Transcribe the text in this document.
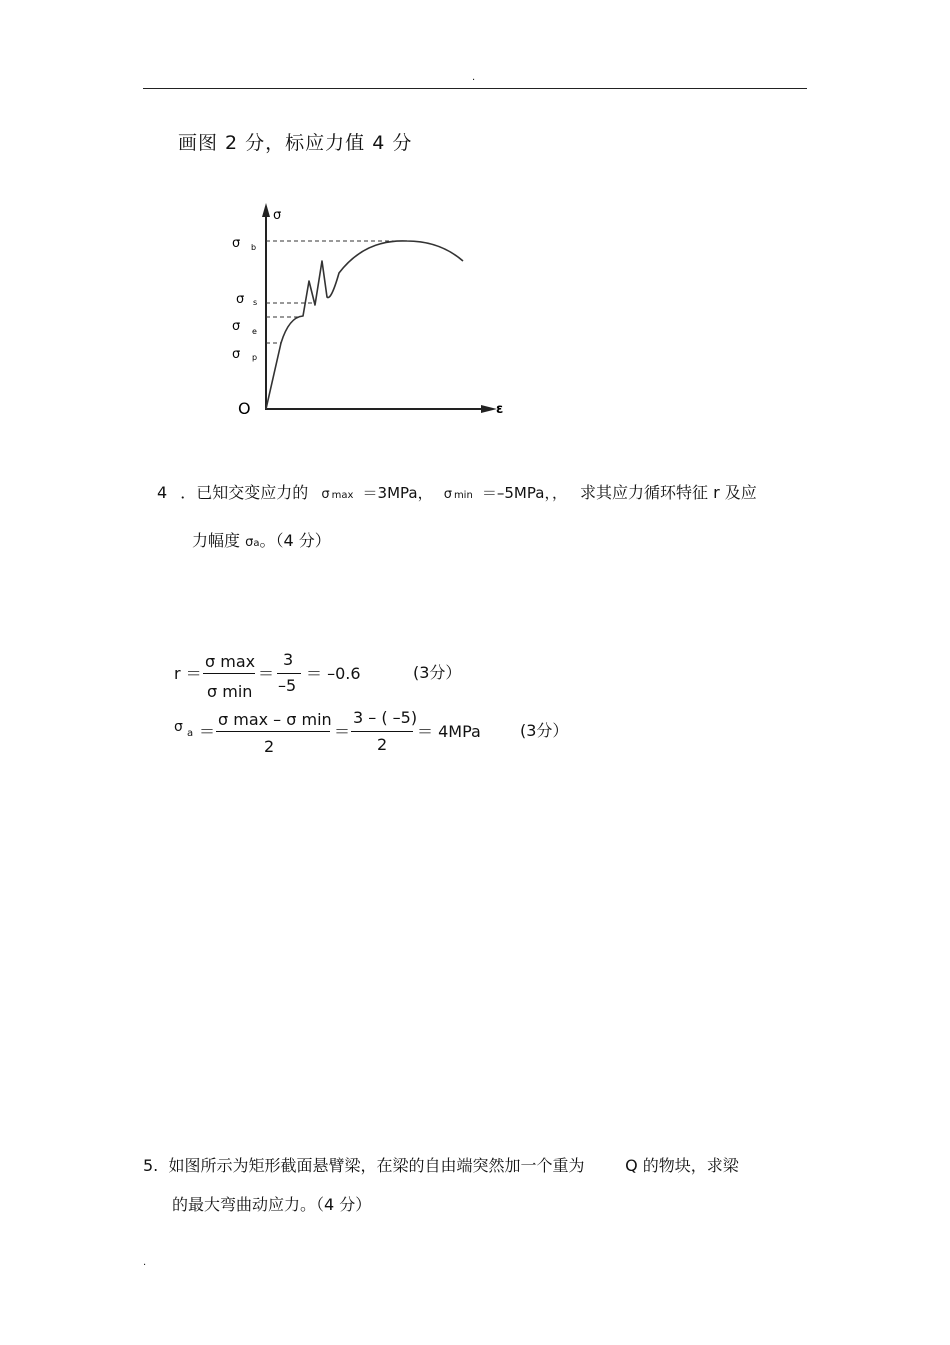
.
画图 2 分，标应力值 4 分
σ
ε
O
σ b
σ s
σ e
σ p
4 ．已知交变应力的 σ max ＝3MPa， σ min ＝–5MPa，， 求其应力循环特征 r 及应
力幅度 σa。（4 分）
r ＝
σ max
σ min
＝
3
–5
＝ –0.6	(3分）
σ a ＝
σ max – σ min
2
＝
3 – ( –5)
2
＝ 4MPa (3分）
5.  如图所示为矩形截面悬臂梁，在梁的自由端突然加一个重为        Q 的物块，求梁
的最大弯曲动应力。（4 分）
.
